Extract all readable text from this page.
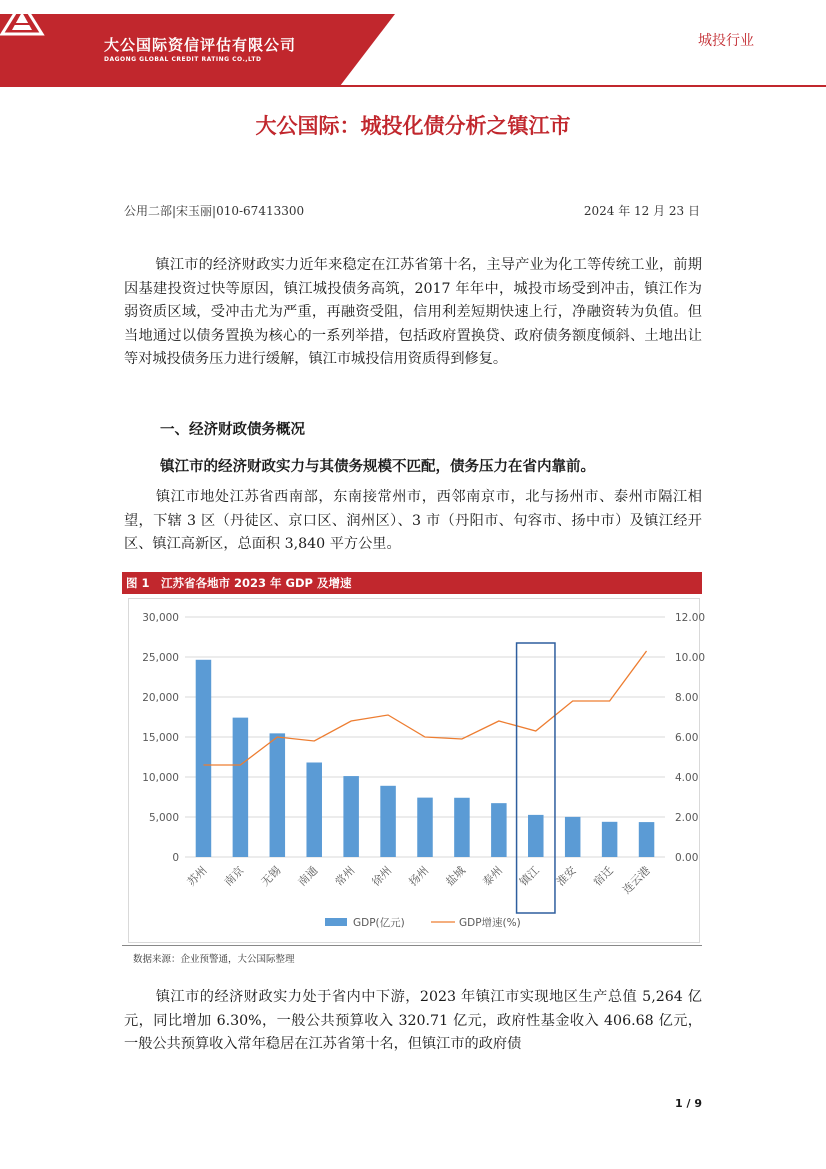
大公国际资信评估有限公司
DAGONG GLOBAL CREDIT RATING CO.,LTD
城投行业
大公国际：城投化债分析之镇江市
公用二部|宋玉丽|010-67413300	2024 年 12 月 23 日
镇江市的经济财政实力近年来稳定在江苏省第十名，主导产业为化工等传统工业，前期因基建投资过快等原因，镇江城投债务高筑，2017 年年中，城投市场受到冲击，镇江作为弱资质区域，受冲击尤为严重，再融资受阻，信用利差短期快速上行，净融资转为负值。但当地通过以债务置换为核心的一系列举措，包括政府置换贷、政府债务额度倾斜、土地出让等对城投债务压力进行缓解，镇江市城投信用资质得到修复。
一、经济财政债务概况
镇江市的经济财政实力与其债务规模不匹配，债务压力在省内靠前。
镇江市地处江苏省西南部，东南接常州市，西邻南京市，北与扬州市、泰州市隔江相望，下辖 3 区（丹徒区、京口区、润州区）、3 市（丹阳市、句容市、扬中市）及镇江经开区、镇江高新区，总面积 3,840 平方公里。
图 1　江苏省各地市 2023 年 GDP 及增速
0
5,000
10,000
15,000
20,000
25,000
30,000
0.00
2.00
4.00
6.00
8.00
10.00
12.00
苏州 南京 无锡 南通 常州 徐州 扬州 盐城 泰州 镇江 淮安 宿迁 连云港
GDP(亿元)	GDP增速(%)
数据来源：企业预警通，大公国际整理
镇江市的经济财政实力处于省内中下游，2023 年镇江市实现地区生产总值 5,264 亿元，同比增加 6.30%，一般公共预算收入 320.71 亿元，政府性基金收入 406.68 亿元，一般公共预算收入常年稳居在江苏省第十名，但镇江市的政府债
1 / 9
